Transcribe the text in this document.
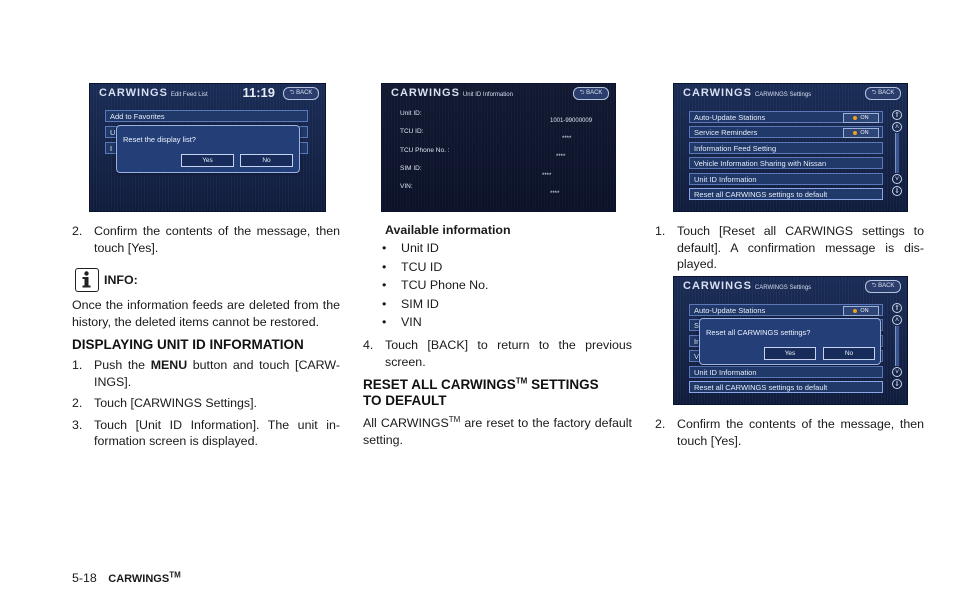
CARWINGS Edit Feed List	11:19	⮌ BACK
Add to Favorites
U
I
Reset the display list?
Yes	No
CARWINGS Unit ID Information	⮌ BACK
Unit ID:
1001-99000009
TCU ID:
****
TCU Phone No. :
****
SIM ID:
****
VIN:
****
CARWINGS CARWINGS Settings	⮌ BACK
Auto-Update Stations	ON
Service Reminders	ON
Information Feed Setting
Vehicle Information Sharing with Nissan
Unit ID Information
Reset all CARWINGS settings to default
⇑
˄
˅
⇓
CARWINGS CARWINGS Settings	⮌ BACK
Auto-Update Stations	ON
S
Ir
V
Unit ID Information
Reset all CARWINGS settings to default
Reset all CARWINGS settings?
Yes	No
⇑
˄
˅
⇓
2. Confirm the contents of the message, then touch [Yes].
INFO:
Once the information feeds are deleted from the history, the deleted items cannot be restored.
DISPLAYING UNIT ID INFORMATION
1. Push the MENU button and touch [CARW-INGS].
2. Touch [CARWINGS Settings].
3. Touch [Unit ID Information]. The unit in-formation screen is displayed.
Available information
• Unit ID
• TCU ID
• TCU Phone No.
• SIM ID
• VIN
4. Touch [BACK] to return to the previous screen.
RESET ALL CARWINGS™ SETTINGS
TO DEFAULT
All CARWINGS™ are reset to the factory default setting.
1. Touch [Reset all CARWINGS settings to default]. A confirmation message is dis-played.
2. Confirm the contents of the message, then touch [Yes].
5-18 CARWINGS™
